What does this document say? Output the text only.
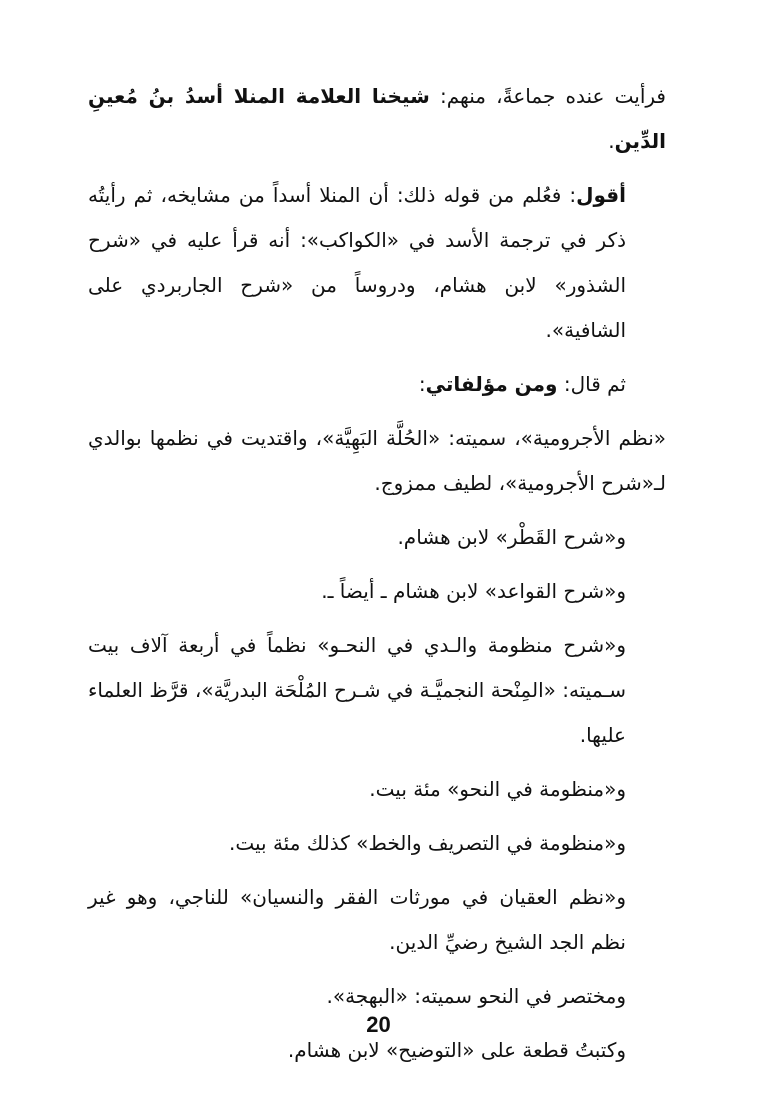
فرأيت عنده جماعةً، منهم: شيخنا العلامة المنلا أسدُ بنُ مُعينِ الدِّين.

أقول: فعُلم من قوله ذلك: أن المنلا أسداً من مشايخه، ثم رأيتُه ذكر في ترجمة الأسد في «الكواكب»: أنه قرأ عليه في «شرح الشذور» لابن هشام، ودروساً من «شرح الجاربردي على الشافية».

ثم قال: ومن مؤلفاتي:

«نظم الأجرومية»، سميته: «الحُلَّة البَهِيَّة»، واقتديت في نظمها بوالدي لـ«شرح الأجرومية»، لطيف ممزوج.

و«شرح القَطْر» لابن هشام.

و«شرح القواعد» لابن هشام ـ أيضاً ـ.

و«شرح منظومة والـدي في النحـو» نظماً في أربعة آلاف بيت سـميته: «المِنْحة النجميَّـة في شـرح المُلْحَة البدريَّة»، قرَّظ العلماء عليها.

و«منظومة في النحو» مئة بيت.

و«منظومة في التصريف والخط» كذلك مئة بيت.

و«نظم العقيان في مورثات الفقر والنسيان» للناجي، وهو غير نظم الجد الشيخ رضيِّ الدين.

ومختصر في النحو سميته: «البهجة».

وكتبتُ قطعة على «التوضيح» لابن هشام.

20
